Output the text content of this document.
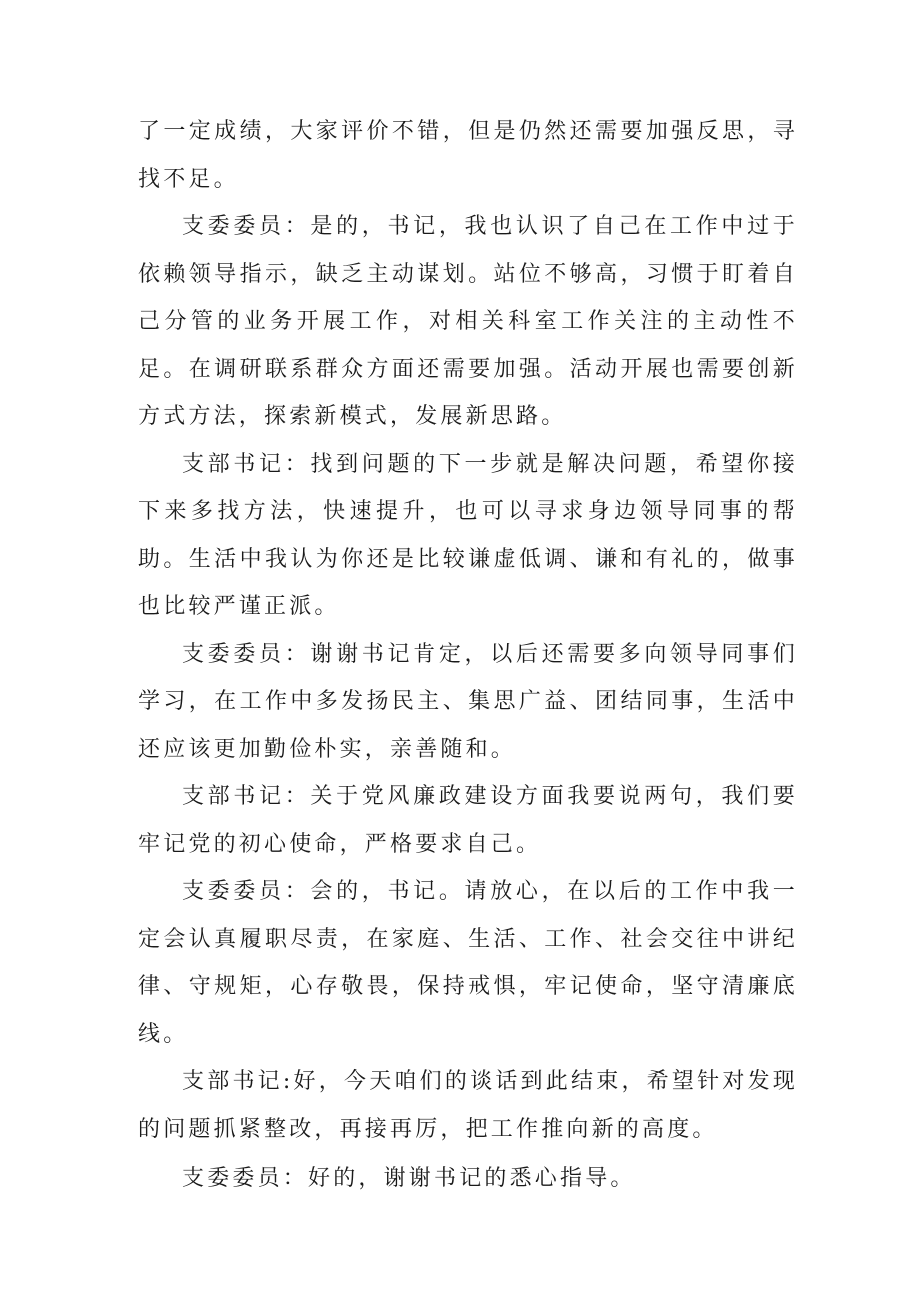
了一定成绩，大家评价不错，但是仍然还需要加强反思，寻找不足。

支委委员：是的，书记，我也认识了自己在工作中过于依赖领导指示，缺乏主动谋划。站位不够高，习惯于盯着自己分管的业务开展工作，对相关科室工作关注的主动性不足。在调研联系群众方面还需要加强。活动开展也需要创新方式方法，探索新模式，发展新思路。

支部书记：找到问题的下一步就是解决问题，希望你接下来多找方法，快速提升，也可以寻求身边领导同事的帮助。生活中我认为你还是比较谦虚低调、谦和有礼的，做事也比较严谨正派。

支委委员：谢谢书记肯定，以后还需要多向领导同事们学习，在工作中多发扬民主、集思广益、团结同事，生活中还应该更加勤俭朴实，亲善随和。

支部书记：关于党风廉政建设方面我要说两句，我们要牢记党的初心使命，严格要求自己。

支委委员：会的，书记。请放心，在以后的工作中我一定会认真履职尽责，在家庭、生活、工作、社会交往中讲纪律、守规矩，心存敬畏，保持戒惧，牢记使命，坚守清廉底线。

支部书记:好，今天咱们的谈话到此结束，希望针对发现的问题抓紧整改，再接再厉，把工作推向新的高度。

支委委员：好的，谢谢书记的悉心指导。
